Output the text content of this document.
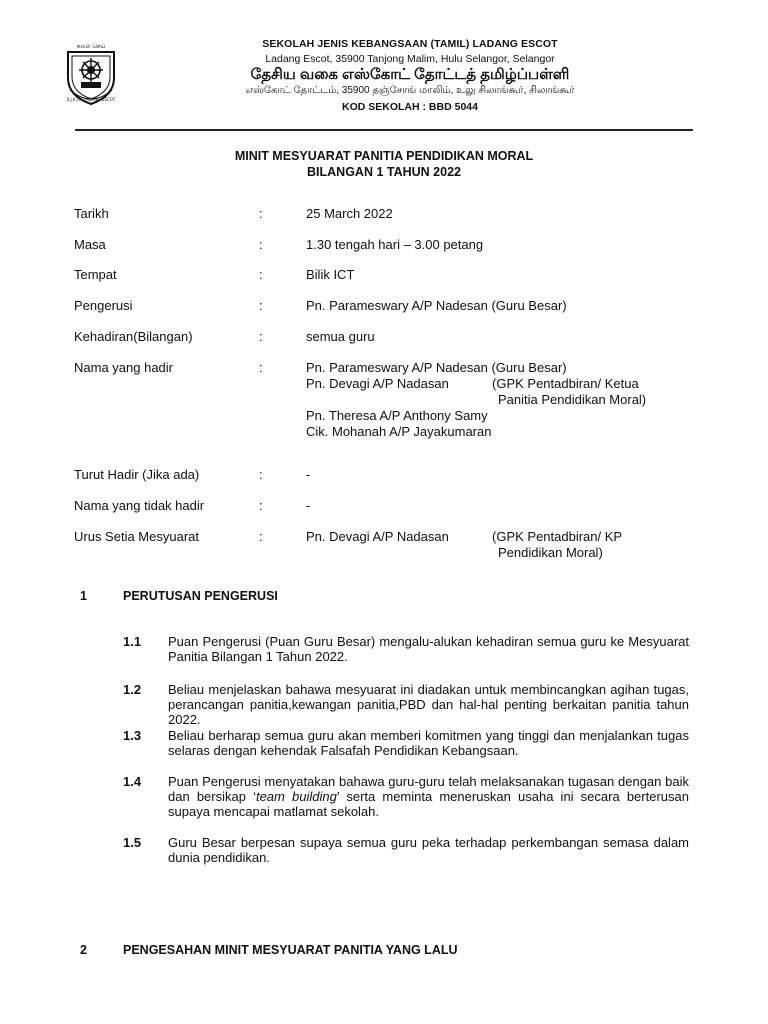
நலம் செய்
S.J.K.(T) LADANG ESCOT
SEKOLAH JENIS KEBANGSAAN (TAMIL) LADANG ESCOT
Ladang Escot, 35900 Tanjong Malim, Hulu Selangor, Selangor
தேசிய வகை எஸ்கோட் தோட்டத் தமிழ்ப்பள்ளி
எஸ்கோட் தோட்டம், 35900 தஞ்சோங் மாலிம், உலு சிலாங்கூர், சிலாங்கூர்
KOD SEKOLAH : BBD 5044
MINIT MESYUARAT PANITIA PENDIDIKAN MORAL
BILANGAN 1 TAHUN 2022
Tarikh	:	25 March 2022
Masa	:	1.30 tengah hari – 3.00 petang
Tempat	:	Bilik ICT
Pengerusi	:	Pn. Parameswary A/P Nadesan (Guru Besar)
Kehadiran(Bilangan)	:	semua guru
Nama yang hadir	:	Pn. Parameswary A/P Nadesan (Guru Besar)
Pn. Devagi A/P Nadasan	(GPK Pentadbiran/ Ketua
Panitia Pendidikan Moral)
Pn. Theresa A/P Anthony Samy
Cik. Mohanah A/P Jayakumaran
Turut Hadir (Jika ada)	:	-
Nama yang tidak hadir	:	-
Urus Setia Mesyuarat	:	Pn. Devagi A/P Nadasan	(GPK Pentadbiran/ KP
Pendidikan Moral)
1	PERUTUSAN PENGERUSI
1.1 Puan Pengerusi (Puan Guru Besar) mengalu-alukan kehadiran semua guru ke Mesyuarat Panitia Bilangan 1 Tahun 2022.
1.2 Beliau menjelaskan bahawa mesyuarat ini diadakan untuk membincangkan agihan tugas, perancangan panitia,kewangan panitia,PBD dan hal-hal penting berkaitan panitia tahun 2022.
1.3 Beliau berharap semua guru akan memberi komitmen yang tinggi dan menjalankan tugas selaras dengan kehendak Falsafah Pendidikan Kebangsaan.
1.4 Puan Pengerusi menyatakan bahawa guru-guru telah melaksanakan tugasan dengan baik dan bersikap ‘team building’ serta meminta meneruskan usaha ini secara berterusan supaya mencapai matlamat sekolah.
1.5 Guru Besar berpesan supaya semua guru peka terhadap perkembangan semasa dalam dunia pendidikan.
2	PENGESAHAN MINIT MESYUARAT PANITIA YANG LALU
